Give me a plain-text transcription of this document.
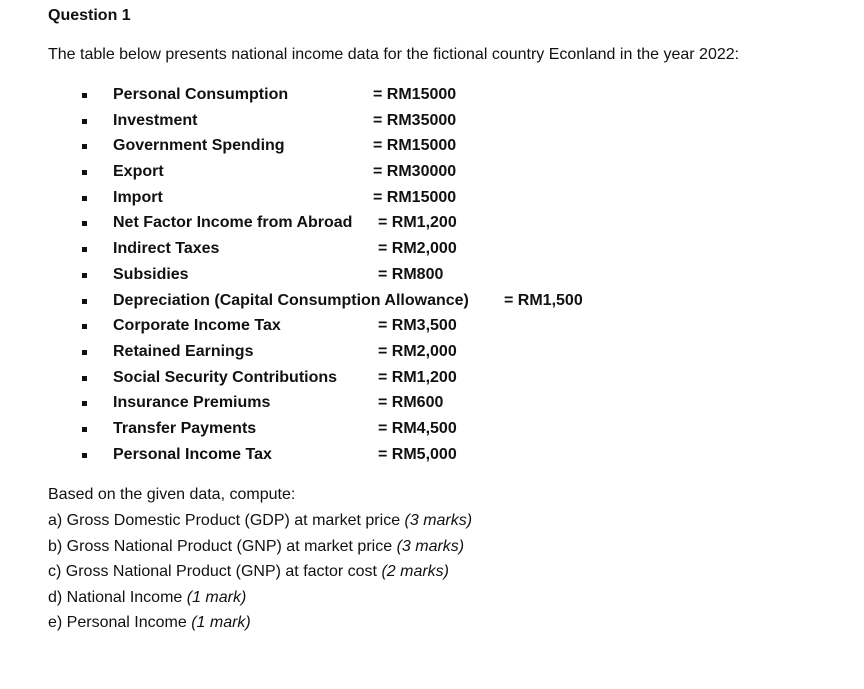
Question 1
The table below presents national income data for the fictional country Econland in the year 2022:
Personal Consumption	= RM15000
Investment	= RM35000
Government Spending	= RM15000
Export	= RM30000
Import	= RM15000
Net Factor Income from Abroad = RM1,200
Indirect Taxes	= RM2,000
Subsidies	= RM800
Depreciation (Capital Consumption Allowance) = RM1,500
Corporate Income Tax	= RM3,500
Retained Earnings	= RM2,000
Social Security Contributions	= RM1,200
Insurance Premiums	= RM600
Transfer Payments	= RM4,500
Personal Income Tax	= RM5,000
Based on the given data, compute:
a) Gross Domestic Product (GDP) at market price (3 marks)
b) Gross National Product (GNP) at market price (3 marks)
c) Gross National Product (GNP) at factor cost (2 marks)
d) National Income (1 mark)
e) Personal Income (1 mark)
